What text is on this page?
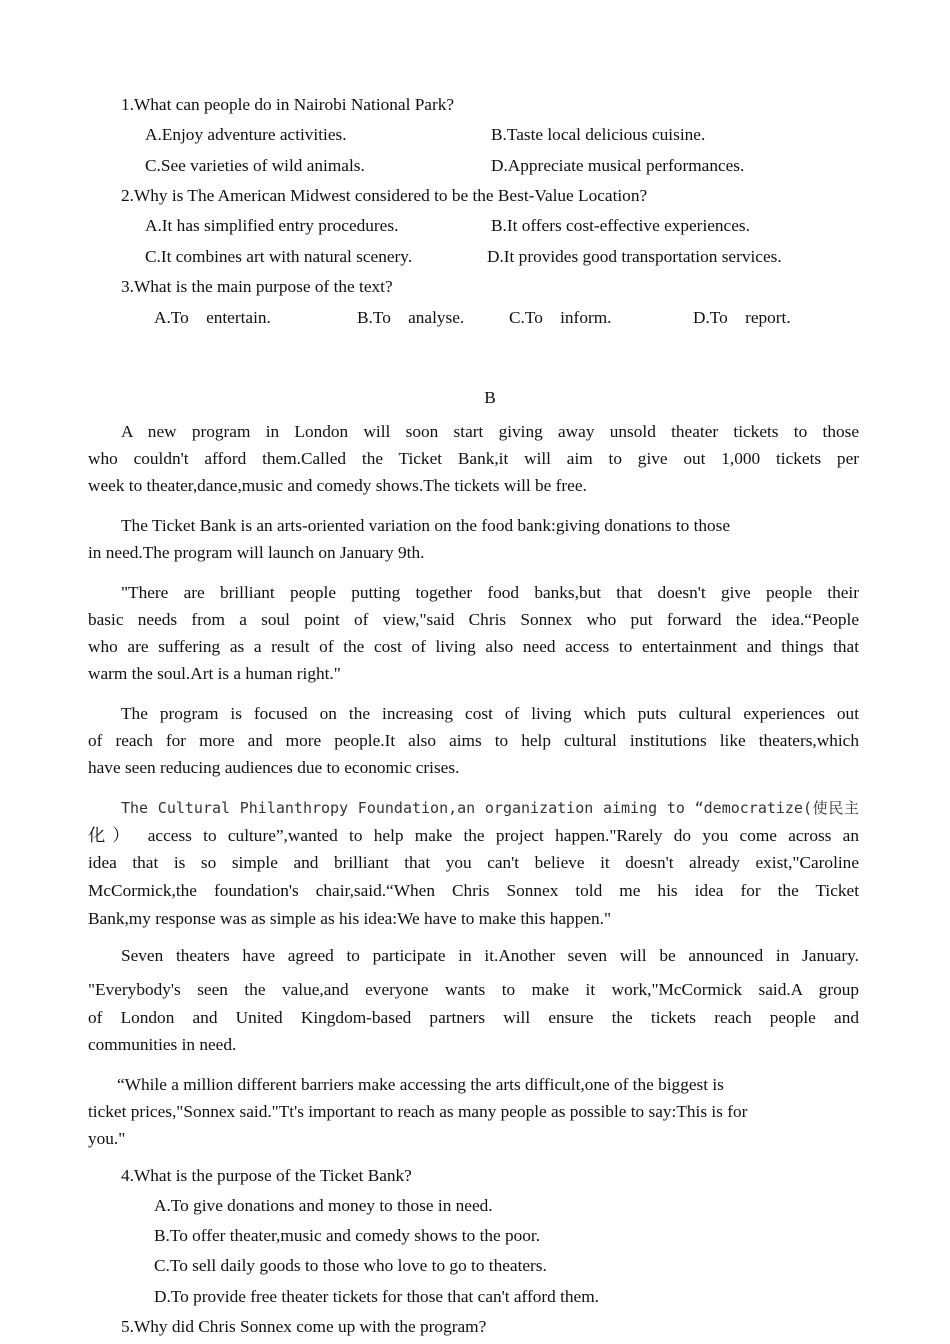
1.What can people do in Nairobi National Park?
A.Enjoy adventure activities.	B.Taste local delicious cuisine.
C.See varieties of wild animals.	D.Appreciate musical performances.
2.Why is The American Midwest considered to be the Best-Value Location?
A.It has simplified entry procedures.	B.It offers cost-effective experiences.
C.It combines art with natural scenery.	D.It provides good transportation services.
3.What is the main purpose of the text?
A.To    entertain.	B.To    analyse.	C.To    inform.	D.To    report.
B
A new program in London will soon start giving away unsold theater tickets to those
who couldn't afford them.Called the Ticket Bank,it will aim to give out 1,000 tickets per
week to theater,dance,music and comedy shows.The tickets will be free.
The Ticket Bank is an arts-oriented variation on the food bank:giving donations to those
in need.The program will launch on January 9th.
"There are brilliant people putting together food banks,but that doesn't give people their
basic needs from a soul point of view,"said Chris Sonnex who put forward the idea.“People
who are suffering as a result of the cost of living also need access to entertainment and things that
warm the soul.Art is a human right."
The program is focused on the increasing cost of living which puts cultural experiences out
of reach for more and more people.It also aims to help cultural institutions like theaters,which
have seen reducing audiences due to economic crises.
The Cultural Philanthropy Foundation,an organization aiming to “democratize(使民主
化） access to culture”,wanted to help make the project happen."Rarely do you come across an
idea that is so simple and brilliant that you can't believe it doesn't already exist,"Caroline
McCormick,the foundation's chair,said.“When Chris Sonnex told me his idea for the Ticket
Bank,my response was as simple as his idea:We have to make this happen."
Seven theaters have agreed to participate in it.Another seven will be announced in January.
"Everybody's seen the value,and everyone wants to make it work,"McCormick said.A group
of London and United Kingdom-based partners will ensure the tickets reach people and
communities in need.
“While a million different barriers make accessing the arts difficult,one of the biggest is
ticket prices,"Sonnex said."Tt's important to reach as many people as possible to say:This is for
you."
4.What is the purpose of the Ticket Bank?
A.To give donations and money to those in need.
B.To offer theater,music and comedy shows to the poor.
C.To sell daily goods to those who love to go to theaters.
D.To provide free theater tickets for those that can't afford them.
5.Why did Chris Sonnex come up with the program?
